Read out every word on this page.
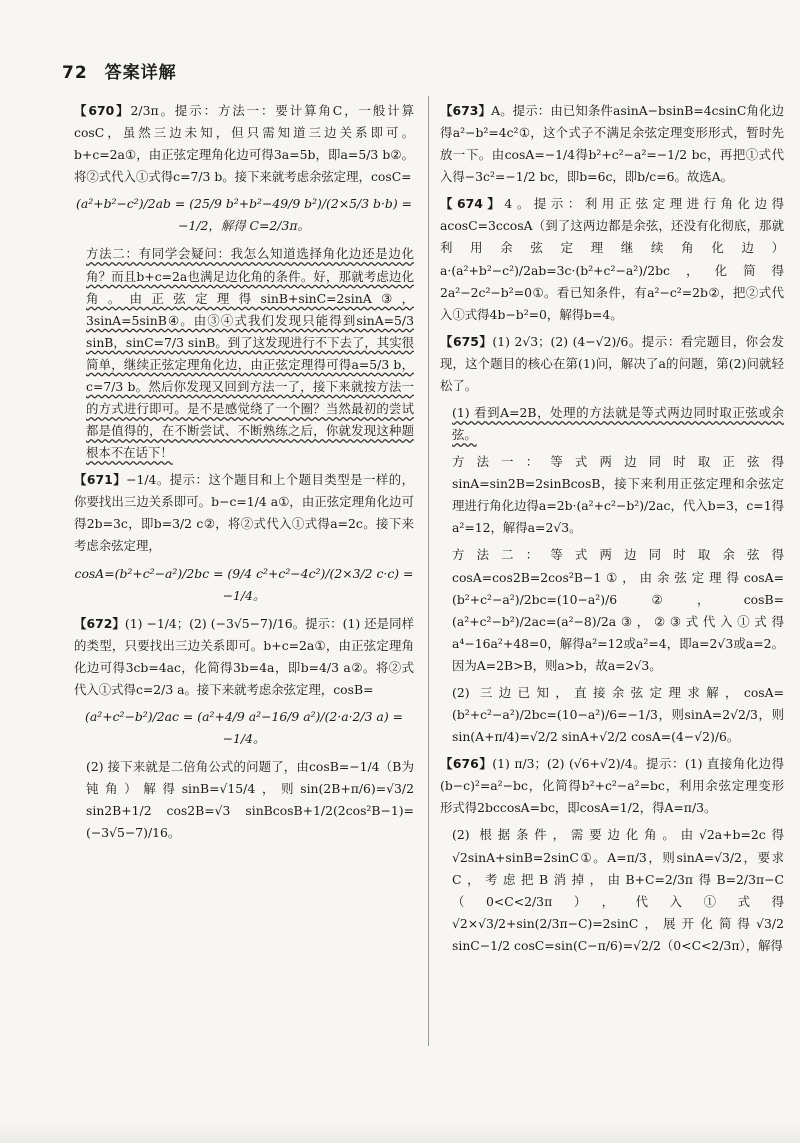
72 答案详解

【670】2/3π。提示：方法一：要计算角C，一般计算cosC，虽然三边未知，但只需知道三边关系即可。b+c=2a①，由正弦定理角化边可得3a=5b，即a=5/3 b②。将②式代入①式得c=7/3 b。接下来就考虑余弦定理，cosC=

(a²+b²−c²)/2ab = (25/9 b²+b²−49/9 b²)/(2×5/3 b·b) = −1/2，解得 C=2/3π。

方法二：有同学会疑问：我怎么知道选择角化边还是边化角？而且b+c=2a也满足边化角的条件。好，那就考虑边化角。由正弦定理得sinB+sinC=2sinA③，3sinA=5sinB④。由③④式我们发现只能得到sinA=5/3 sinB，sinC=7/3 sinB。到了这发现进行不下去了，其实很简单，继续正弦定理角化边，由正弦定理得可得a=5/3 b，c=7/3 b。然后你发现又回到方法一了，接下来就按方法一的方式进行即可。是不是感觉绕了一个圈？当然最初的尝试都是值得的，在不断尝试、不断熟练之后，你就发现这种题根本不在话下！

【671】−1/4。提示：这个题目和上个题目类型是一样的，你要找出三边关系即可。b−c=1/4 a①，由正弦定理角化边可得2b=3c，即b=3/2 c②，将②式代入①式得a=2c。接下来考虑余弦定理，

cosA=(b²+c²−a²)/2bc = (9/4 c²+c²−4c²)/(2×3/2 c·c) = −1/4。

【672】(1) −1/4；(2) (−3√5−7)/16。提示：(1) 还是同样的类型，只要找出三边关系即可。b+c=2a①，由正弦定理角化边可得3cb=4ac，化简得3b=4a，即b=4/3 a②。将②式代入①式得c=2/3 a。接下来就考虑余弦定理，cosB=

(a²+c²−b²)/2ac = (a²+4/9 a²−16/9 a²)/(2·a·2/3 a) = −1/4。

(2) 接下来就是二倍角公式的问题了，由cosB=−1/4（B为钝角）解得sinB=√15/4，则sin(2B+π/6)=√3/2 sin2B+1/2 cos2B=√3 sinBcosB+1/2(2cos²B−1)=(−3√5−7)/16。

【673】A。提示：由已知条件asinA−bsinB=4csinC角化边得a²−b²=4c²①，这个式子不满足余弦定理变形形式，暂时先放一下。由cosA=−1/4得b²+c²−a²=−1/2 bc，再把①式代入得−3c²=−1/2 bc，即b=6c，即b/c=6。故选A。

【674】4。提示：利用正弦定理进行角化边得acosC=3ccosA（到了这两边都是余弦，还没有化彻底，那就利用余弦定理继续角化边）a·(a²+b²−c²)/2ab=3c·(b²+c²−a²)/2bc，化简得2a²−2c²−b²=0①。看已知条件，有a²−c²=2b②，把②式代入①式得4b−b²=0，解得b=4。

【675】(1) 2√3；(2) (4−√2)/6。提示：看完题目，你会发现，这个题目的核心在第(1)问，解决了a的问题，第(2)问就轻松了。

(1) 看到A=2B，处理的方法就是等式两边同时取正弦或余弦。

方法一：等式两边同时取正弦得sinA=sin2B=2sinBcosB，接下来利用正弦定理和余弦定理进行角化边得a=2b·(a²+c²−b²)/2ac，代入b=3，c=1得a²=12，解得a=2√3。

方法二：等式两边同时取余弦得cosA=cos2B=2cos²B−1①，由余弦定理得cosA=(b²+c²−a²)/2bc=(10−a²)/6②，cosB=(a²+c²−b²)/2ac=(a²−8)/2a③，②③式代入①式得a⁴−16a²+48=0，解得a²=12或a²=4，即a=2√3或a=2。因为A=2B>B，则a>b，故a=2√3。

(2) 三边已知，直接余弦定理求解，cosA=(b²+c²−a²)/2bc=(10−a²)/6=−1/3，则sinA=2√2/3，则sin(A+π/4)=√2/2 sinA+√2/2 cosA=(4−√2)/6。

【676】(1) π/3；(2) (√6+√2)/4。提示：(1) 直接角化边得(b−c)²=a²−bc，化简得b²+c²−a²=bc，利用余弦定理变形形式得2bccosA=bc，即cosA=1/2，得A=π/3。

(2) 根据条件，需要边化角。由√2a+b=2c得√2sinA+sinB=2sinC①。A=π/3，则sinA=√3/2，要求C，考虑把B消掉，由B+C=2/3π得B=2/3π−C（0<C<2/3π），代入①式得√2×√3/2+sin(2/3π−C)=2sinC，展开化简得√3/2 sinC−1/2 cosC=sin(C−π/6)=√2/2（0<C<2/3π），解得
